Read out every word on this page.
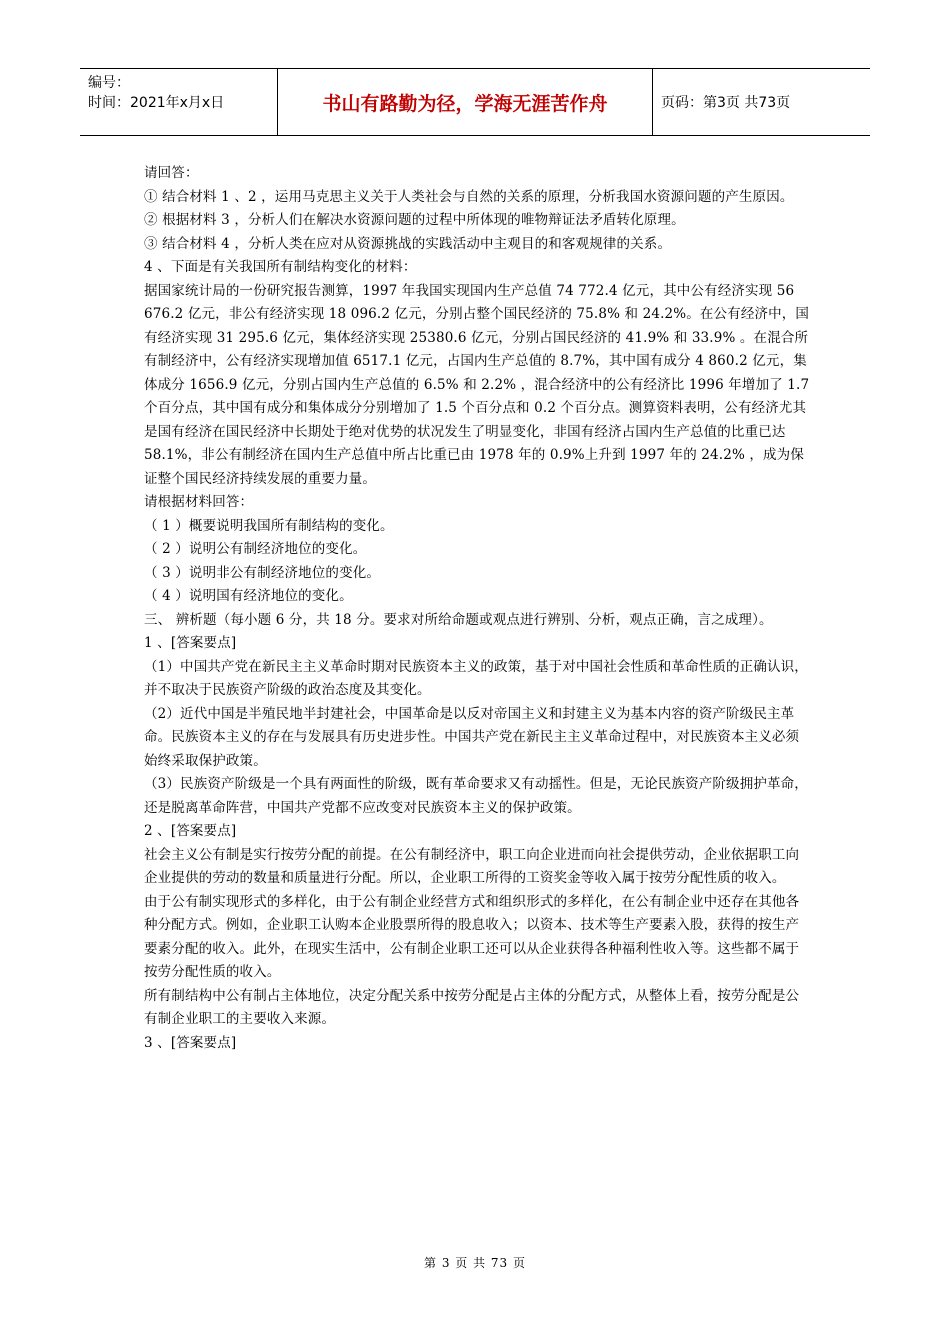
编号：
时间：2021年x月x日	书山有路勤为径，学海无涯苦作舟	页码：第3页 共73页

请回答：

① 结合材料 1 、2 ，运用马克思主义关于人类社会与自然的关系的原理，分析我国水资源问题的产生原因。

② 根据材料 3 ，分析人们在解决水资源问题的过程中所体现的唯物辩证法矛盾转化原理。

③ 结合材料 4 ，分析人类在应对从资源挑战的实践活动中主观目的和客观规律的关系。

4 、下面是有关我国所有制结构变化的材料：

据国家统计局的一份研究报告测算，1997 年我国实现国内生产总值 74 772.4 亿元，其中公有经济实现 56 676.2 亿元，非公有经济实现 18 096.2 亿元，分别占整个国民经济的 75.8% 和 24.2%。在公有经济中，国有经济实现 31 295.6 亿元，集体经济实现 25380.6 亿元，分别占国民经济的 41.9% 和 33.9% 。在混合所有制经济中，公有经济实现增加值 6517.1 亿元，占国内生产总值的 8.7%，其中国有成分 4 860.2 亿元，集体成分 1656.9 亿元，分别占国内生产总值的 6.5% 和 2.2% ，混合经济中的公有经济比 1996 年增加了 1.7 个百分点，其中国有成分和集体成分分别增加了 1.5 个百分点和 0.2 个百分点。测算资料表明，公有经济尤其是国有经济在国民经济中长期处于绝对优势的状况发生了明显变化，非国有经济占国内生产总值的比重已达 58.1%，非公有制经济在国内生产总值中所占比重已由 1978 年的 0.9%上升到 1997 年的 24.2% ，成为保证整个国民经济持续发展的重要力量。

请根据材料回答：

（ 1 ）概要说明我国所有制结构的变化。

（ 2 ）说明公有制经济地位的变化。

（ 3 ）说明非公有制经济地位的变化。

（ 4 ）说明国有经济地位的变化。

三、 辨析题（每小题 6 分，共 18 分。要求对所给命题或观点进行辨别、分析，观点正确，言之成理）。

1 、[答案要点]

（1）中国共产党在新民主主义革命时期对民族资本主义的政策，基于对中国社会性质和革命性质的正确认识，并不取决于民族资产阶级的政治态度及其变化。

（2）近代中国是半殖民地半封建社会，中国革命是以反对帝国主义和封建主义为基本内容的资产阶级民主革命。民族资本主义的存在与发展具有历史进步性。中国共产党在新民主主义革命过程中，对民族资本主义必须始终采取保护政策。

（3）民族资产阶级是一个具有两面性的阶级，既有革命要求又有动摇性。但是，无论民族资产阶级拥护革命，还是脱离革命阵营，中国共产党都不应改变对民族资本主义的保护政策。

2 、[答案要点]

社会主义公有制是实行按劳分配的前提。在公有制经济中，职工向企业进而向社会提供劳动，企业依据职工向企业提供的劳动的数量和质量进行分配。所以，企业职工所得的工资奖金等收入属于按劳分配性质的收入。

由于公有制实现形式的多样化，由于公有制企业经营方式和组织形式的多样化，在公有制企业中还存在其他各种分配方式。例如，企业职工认购本企业股票所得的股息收入；以资本、技术等生产要素入股，获得的按生产要素分配的收入。此外，在现实生活中，公有制企业职工还可以从企业获得各种福利性收入等。这些都不属于按劳分配性质的收入。

所有制结构中公有制占主体地位，决定分配关系中按劳分配是占主体的分配方式，从整体上看，按劳分配是公有制企业职工的主要收入来源。

3 、[答案要点]

第 3 页 共 73 页
